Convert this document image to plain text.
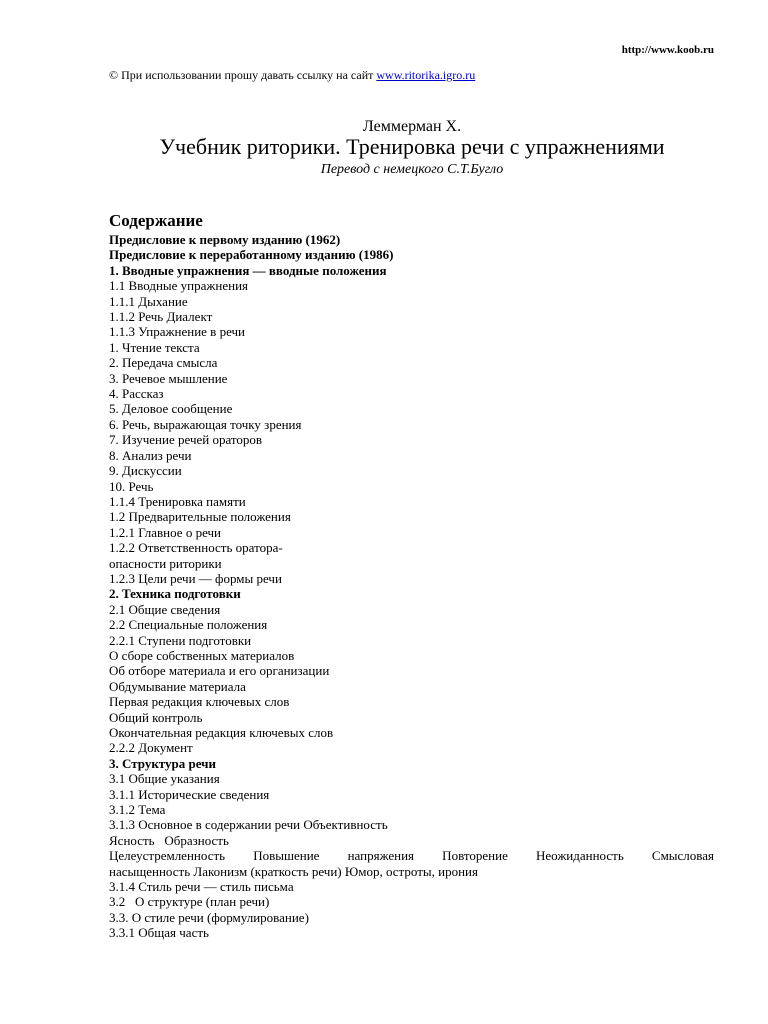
http://www.koob.ru
© При использовании прошу давать ссылку на сайт www.ritorika.igro.ru
Леммерман Х.
Учебник риторики. Тренировка речи с упражнениями
Перевод с немецкого С.Т.Бугло
Содержание
Предисловие к первому изданию (1962)
Предисловие к переработанному изданию (1986)
1. Вводные упражнения — вводные положения
1.1 Вводные упражнения
1.1.1 Дыхание
1.1.2 Речь Диалект
1.1.3 Упражнение в речи
1. Чтение текста
2. Передача смысла
3. Речевое мышление
4. Рассказ
5. Деловое сообщение
6. Речь, выражающая точку зрения
7. Изучение речей ораторов
8. Анализ речи
9. Дискуссии
10. Речь
1.1.4 Тренировка памяти
1.2 Предварительные положения
1.2.1 Главное о речи
1.2.2 Ответственность оратора-
опасности риторики
1.2.3 Цели речи — формы речи
2. Техника подготовки
2.1 Общие сведения
2.2 Специальные положения
2.2.1 Ступени подготовки
О сборе собственных материалов
Об отборе материала и его организации
Обдумывание материала
Первая редакция ключевых слов
Общий контроль
Окончательная редакция ключевых слов
2.2.2 Документ
3. Структура речи
3.1 Общие указания
3.1.1 Исторические сведения
3.1.2 Тема
3.1.3 Основное в содержании речи Объективность
Ясность   Образность
Целеустремленность Повышение напряжения Повторение Неожиданность Смысловая
насыщенность Лаконизм (краткость речи) Юмор, остроты, ирония
3.1.4 Стиль речи — стиль письма
3.2   О структуре (план речи)
3.3. О стиле речи (формулирование)
3.3.1 Общая часть
